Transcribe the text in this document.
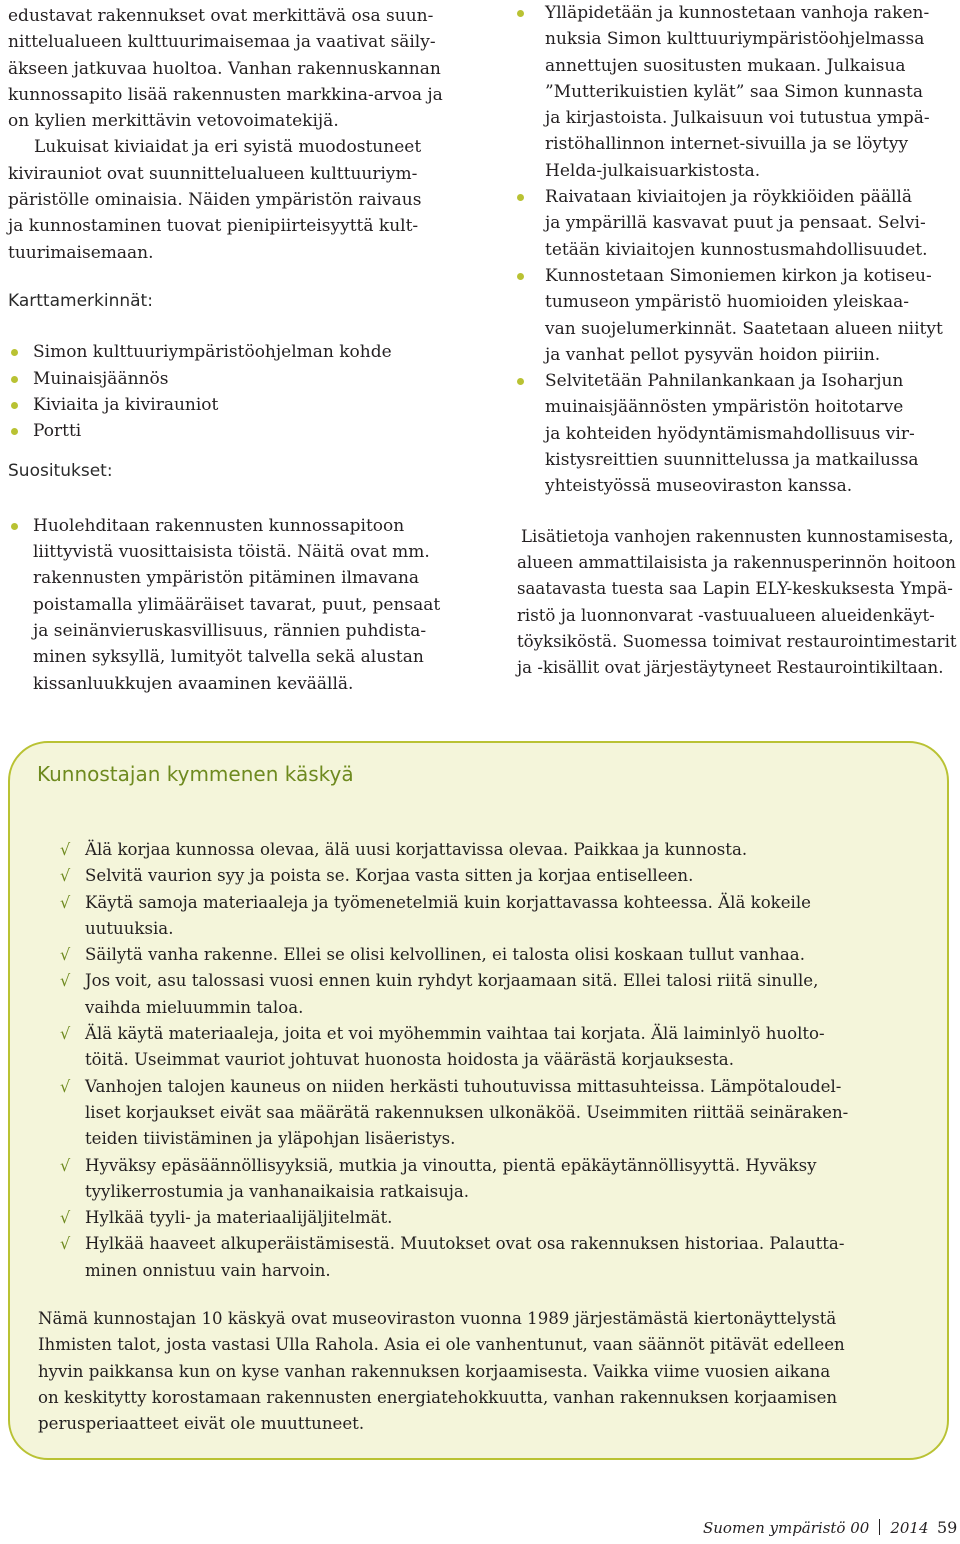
edustavat rakennukset ovat merkittävä osa suun-

nittelualueen kulttuurimaisemaa ja vaativat säily-

äkseen jatkuvaa huoltoa. Vanhan rakennuskannan

kunnossapito lisää rakennusten markkina-arvoa ja

on kylien merkittävin vetovoimatekijä.

Lukuisat kiviaidat ja eri syistä muodostuneet

kivirauniot ovat suunnittelualueen kulttuuriym-

päristölle ominaisia. Näiden ympäristön raivaus

ja kunnostaminen tuovat pienipiirteisyyttä kult-

tuurimaisemaan.

Karttamerkinnät:

Simon kulttuuriympäristöohjelman kohde
Muinaisjäännös
Kiviaita ja kivirauniot
Portti

Suositukset:

Huolehditaan rakennusten kunnossapitoon
liittyvistä vuosittaisista töistä. Näitä ovat mm.
rakennusten ympäristön pitäminen ilmavana
poistamalla ylimääräiset tavarat, puut, pensaat
ja seinänvieruskasvillisuus, rännien puhdista-
minen syksyllä, lumityöt talvella sekä alustan
kissanluukkujen avaaminen keväällä.
Ylläpidetään ja kunnostetaan vanhoja raken-
nuksia Simon kulttuuriympäristöohjelmassa
annettujen suositusten mukaan. Julkaisua
”Mutterikuistien kylät” saa Simon kunnasta
ja kirjastoista. Julkaisuun voi tutustua ympä-
ristöhallinnon internet-sivuilla ja se löytyy
Helda-julkaisuarkistosta.
Raivataan kiviaitojen ja röykkiöiden päällä
ja ympärillä kasvavat puut ja pensaat. Selvi-
tetään kiviaitojen kunnostusmahdollisuudet.
Kunnostetaan Simoniemen kirkon ja kotiseu-
tumuseon ympäristö huomioiden yleiskaa-
van suojelumerkinnät. Saatetaan alueen niityt
ja vanhat pellot pysyvän hoidon piiriin.
Selvitetään Pahnilankankaan ja Isoharjun
muinaisjäännösten ympäristön hoitotarve
ja kohteiden hyödyntämismahdollisuus vir-
kistysreittien suunnittelussa ja matkailussa
yhteistyössä museoviraston kanssa.

Lisätietoja vanhojen rakennusten kunnostamisesta,

alueen ammattilaisista ja rakennusperinnön hoitoon

saatavasta tuesta saa Lapin ELY-keskuksesta Ympä-

ristö ja luonnonvarat -vastuualueen alueidenkäyt-

töyksiköstä. Suomessa toimivat restaurointimestarit

ja -kisällit ovat järjestäytyneet Restaurointikiltaan.

Kunnostajan kymmenen käskyä
√ Älä korjaa kunnossa olevaa, älä uusi korjattavissa olevaa. Paikkaa ja kunnosta.
√ Selvitä vaurion syy ja poista se. Korjaa vasta sitten ja korjaa entiselleen.
√ Käytä samoja materiaaleja ja työmenetelmiä kuin korjattavassa kohteessa. Älä kokeile
uutuuksia.
√ Säilytä vanha rakenne. Ellei se olisi kelvollinen, ei talosta olisi koskaan tullut vanhaa.
√ Jos voit, asu talossasi vuosi ennen kuin ryhdyt korjaamaan sitä. Ellei talosi riitä sinulle,
vaihda mieluummin taloa.
√ Älä käytä materiaaleja, joita et voi myöhemmin vaihtaa tai korjata. Älä laiminlyö huolto-
töitä. Useimmat vauriot johtuvat huonosta hoidosta ja väärästä korjauksesta.
√ Vanhojen talojen kauneus on niiden herkästi tuhoutuvissa mittasuhteissa. Lämpötaloudel-
liset korjaukset eivät saa määrätä rakennuksen ulkonäköä. Useimmiten riittää seinäraken-
teiden tiivistäminen ja yläpohjan lisäeristys.
√ Hyväksy epäsäännöllisyyksiä, mutkia ja vinoutta, pientä epäkäytännöllisyyttä. Hyväksy
tyylikerrostumia ja vanhanaikaisia ratkaisuja.
√ Hylkää tyyli- ja materiaalijäljitelmät.
√ Hylkää haaveet alkuperäistämisestä. Muutokset ovat osa rakennuksen historiaa. Palautta-
minen onnistuu vain harvoin.
Nämä kunnostajan 10 käskyä ovat museoviraston vuonna 1989 järjestämästä kiertonäyttelystä
Ihmisten talot, josta vastasi Ulla Rahola. Asia ei ole vanhentunut, vaan säännöt pitävät edelleen
hyvin paikkansa kun on kyse vanhan rakennuksen korjaamisesta. Vaikka viime vuosien aikana
on keskitytty korostamaan rakennusten energiatehokkuutta, vanhan rakennuksen korjaamisen
perusperiaatteet eivät ole muuttuneet.
Suomen ympäristö 00 2014 59
